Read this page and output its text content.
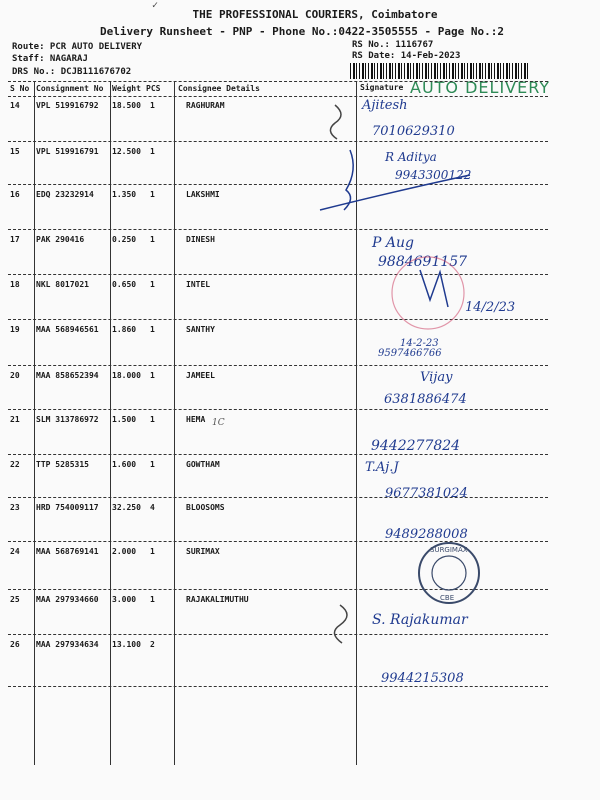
✓
THE PROFESSIONAL COURIERS, Coimbatore
Delivery Runsheet - PNP - Phone No.:0422-3505555 - Page No.:2
Route: PCR AUTO DELIVERY
Staff: NAGARAJ
DRS No.: DCJB111676702
RS No.: 1116767
RS Date: 14-Feb-2023
AUTO DELIVERY
S No Consignment No Weight PCS Consignee Details	Signature
14 VPL 519916792 18.500 1	RAGHURAM	Ajitesh
7010629310
15 VPL 519916791 12.500 1	R Aditya
9943300122
16 EDQ 23232914 1.350 1	LAKSHMI
17 PAK 290416	0.250 1	DINESH	P Aug
9884691157
18 NKL 8017021	0.650 1	INTEL
14/2/23
19 MAA 568946561 1.860 1	SANTHY
14-2-23
9597466766
20 MAA 858652394 18.000 1	JAMEEL	Vijay
6381886474
21 SLM 313786972 1.500 1	HEMA
9442277824
22 TTP 5285315	1.600 1	GOWTHAM	T.Aj.J
9677381024
23 HRD 754009117 32.250 4	BLOOSOMS
9489288008
24 MAA 568769141 2.000 1	SURIMAX
25 MAA 297934660 3.000 1	RAJAKALIMUTHU
S. Rajakumar
26 MAA 297934634 13.100 2
9944215308
1C
SURGIMAX
CBE
